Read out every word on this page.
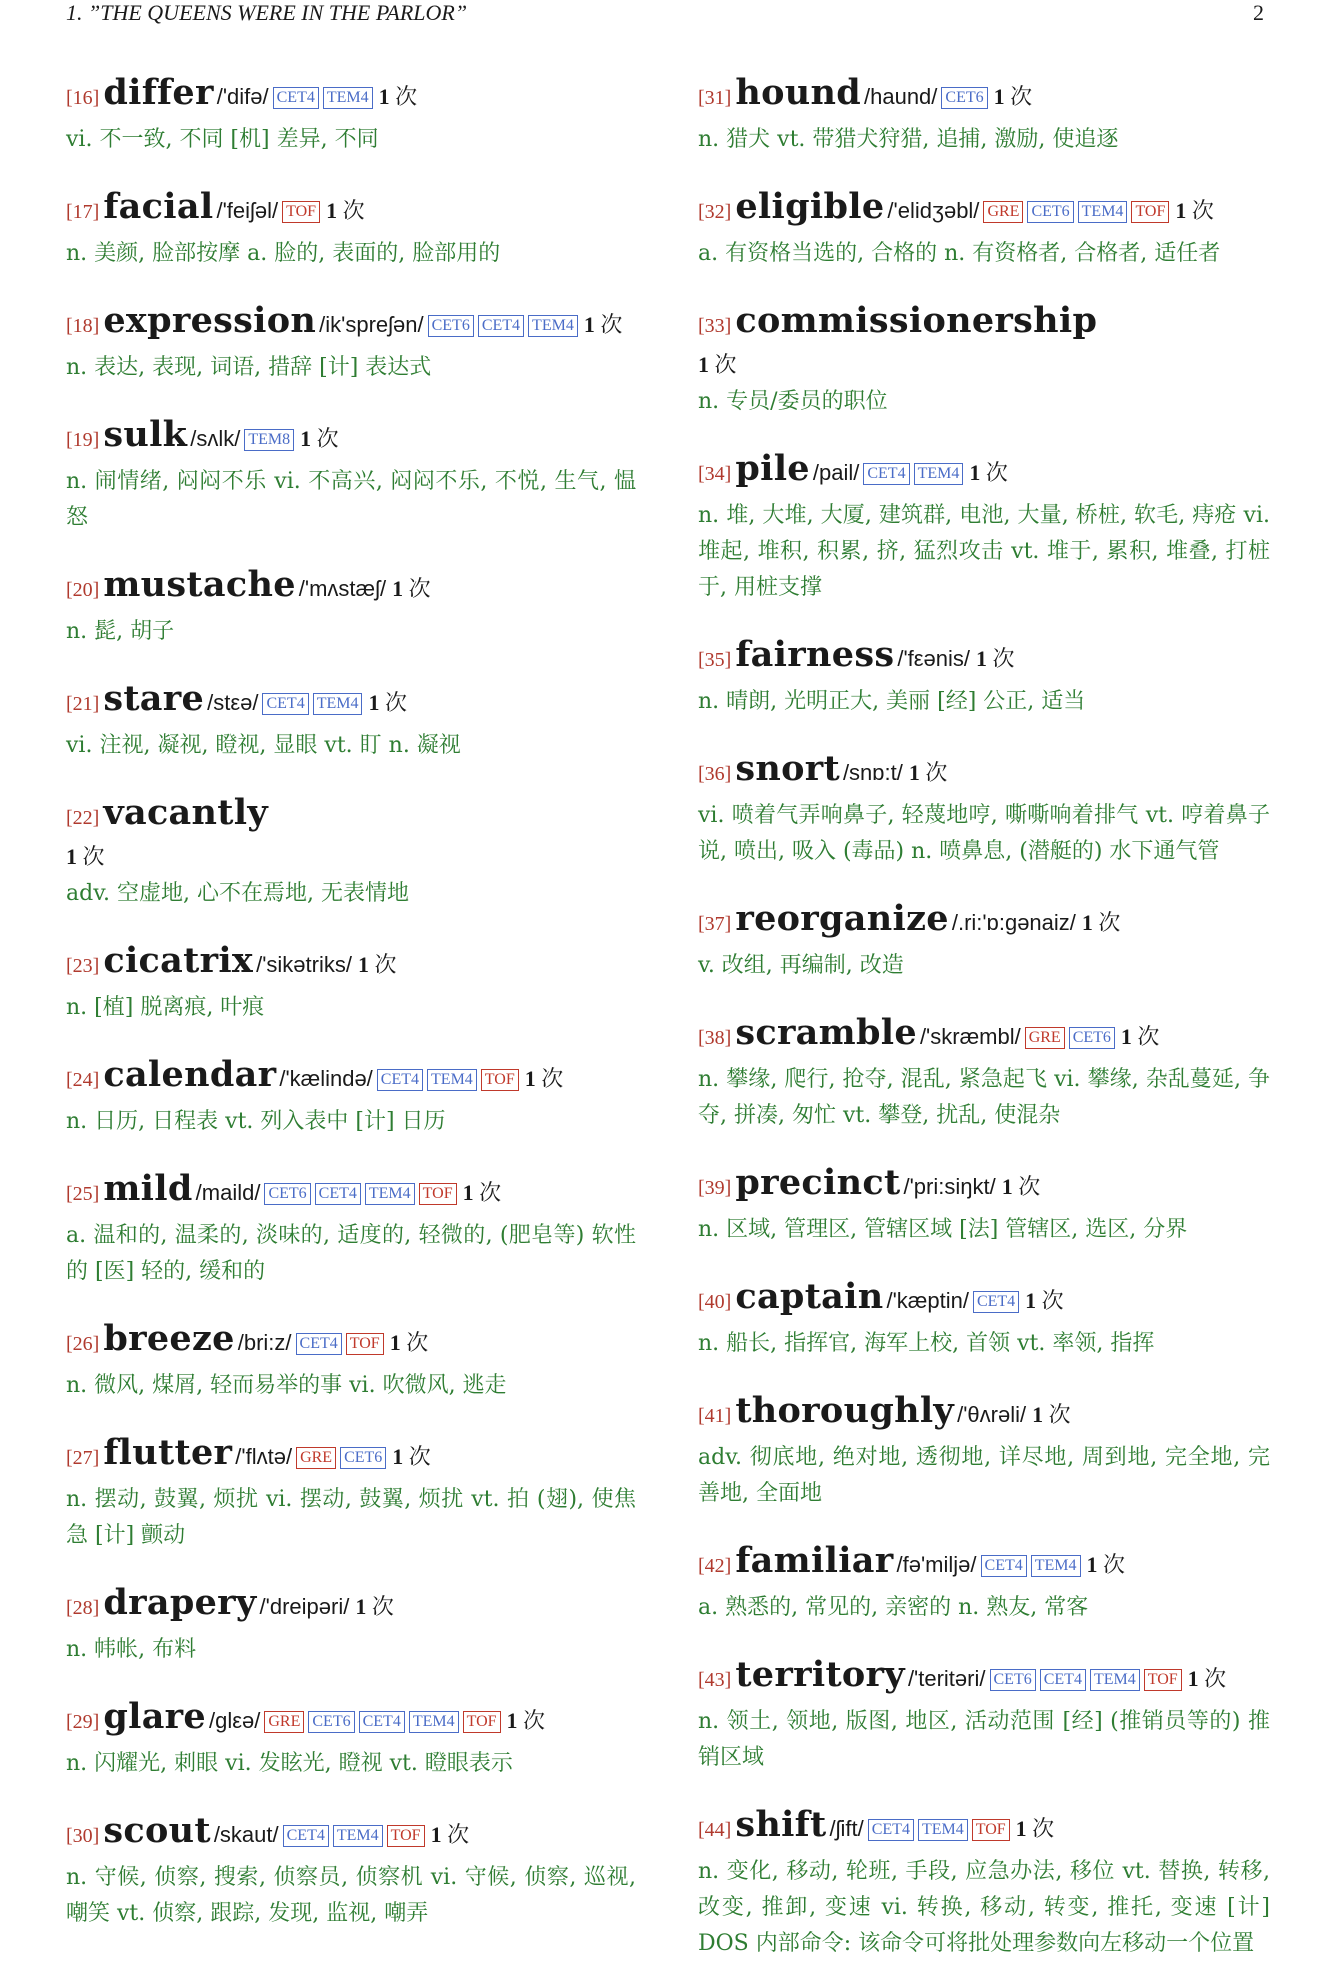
1. ”THE QUEENS WERE IN THE PARLOR”	2
[16] differ /'difə/ CET4 TEM4 1 次
vi. 不一致, 不同 [机] 差异, 不同
[17] facial /'feiʃəl/ TOF 1 次
n. 美颜, 脸部按摩 a. 脸的, 表面的, 脸部用的
[18] expression /ik'spreʃən/ CET6 CET4 TEM4 1 次
n. 表达, 表现, 词语, 措辞 [计] 表达式
[19] sulk /sʌlk/ TEM8 1 次
n. 闹情绪, 闷闷不乐 vi. 不高兴, 闷闷不乐, 不悦, 生气, 愠怒
[20] mustache /'mʌstæʃ/ 1 次
n. 髭, 胡子
[21] stare /stεə/ CET4 TEM4 1 次
vi. 注视, 凝视, 瞪视, 显眼 vt. 盯 n. 凝视
[22] vacantly
1 次
adv. 空虚地, 心不在焉地, 无表情地
[23] cicatrix /'sikətriks/ 1 次
n. [植] 脱离痕, 叶痕
[24] calendar /'kælində/ CET4 TEM4 TOF 1 次
n. 日历, 日程表 vt. 列入表中 [计] 日历
[25] mild /maild/ CET6 CET4 TEM4 TOF 1 次
a. 温和的, 温柔的, 淡味的, 适度的, 轻微的, (肥皂等) 软性的 [医] 轻的, 缓和的
[26] breeze /bri:z/ CET4 TOF 1 次
n. 微风, 煤屑, 轻而易举的事 vi. 吹微风, 逃走
[27] flutter /'flʌtə/ GRE CET6 1 次
n. 摆动, 鼓翼, 烦扰 vi. 摆动, 鼓翼, 烦扰 vt. 拍 (翅), 使焦急 [计] 颤动
[28] drapery /'dreipəri/ 1 次
n. 帏帐, 布料
[29] glare /glεə/ GRE CET6 CET4 TEM4 TOF 1 次
n. 闪耀光, 刺眼 vi. 发眩光, 瞪视 vt. 瞪眼表示
[30] scout /skaut/ CET4 TEM4 TOF 1 次
n. 守候, 侦察, 搜索, 侦察员, 侦察机 vi. 守候, 侦察, 巡视, 嘲笑 vt. 侦察, 跟踪, 发现, 监视, 嘲弄
[31] hound /haund/ CET6 1 次
n. 猎犬 vt. 带猎犬狩猎, 追捕, 激励, 使追逐
[32] eligible /'elidʒəbl/ GRE CET6 TEM4 TOF 1 次
a. 有资格当选的, 合格的 n. 有资格者, 合格者, 适任者
[33] commissionership
1 次
n. 专员/委员的职位
[34] pile /pail/ CET4 TEM4 1 次
n. 堆, 大堆, 大厦, 建筑群, 电池, 大量, 桥桩, 软毛, 痔疮 vi. 堆起, 堆积, 积累, 挤, 猛烈攻击 vt. 堆于, 累积, 堆叠, 打桩于, 用桩支撑
[35] fairness /'fεənis/ 1 次
n. 晴朗, 光明正大, 美丽 [经] 公正, 适当
[36] snort /snɒ:t/ 1 次
vi. 喷着气弄响鼻子, 轻蔑地哼, 嘶嘶响着排气 vt. 哼着鼻子说, 喷出, 吸入 (毒品) n. 喷鼻息, (潜艇的) 水下通气管
[37] reorganize /.ri:'ɒ:gənaiz/ 1 次
v. 改组, 再编制, 改造
[38] scramble /'skræmbl/ GRE CET6 1 次
n. 攀缘, 爬行, 抢夺, 混乱, 紧急起飞 vi. 攀缘, 杂乱蔓延, 争夺, 拼凑, 匆忙 vt. 攀登, 扰乱, 使混杂
[39] precinct /'pri:siŋkt/ 1 次
n. 区域, 管理区, 管辖区域 [法] 管辖区, 选区, 分界
[40] captain /'kæptin/ CET4 1 次
n. 船长, 指挥官, 海军上校, 首领 vt. 率领, 指挥
[41] thoroughly /'θʌrəli/ 1 次
adv. 彻底地, 绝对地, 透彻地, 详尽地, 周到地, 完全地, 完善地, 全面地
[42] familiar /fə'miljə/ CET4 TEM4 1 次
a. 熟悉的, 常见的, 亲密的 n. 熟友, 常客
[43] territory /'teritəri/ CET6 CET4 TEM4 TOF 1 次
n. 领土, 领地, 版图, 地区, 活动范围 [经] (推销员等的) 推销区域
[44] shift /ʃift/ CET4 TEM4 TOF 1 次
n. 变化, 移动, 轮班, 手段, 应急办法, 移位 vt. 替换, 转移, 改变, 推卸, 变速 vi. 转换, 移动, 转变, 推托, 变速 [计] DOS 内部命令: 该命令可将批处理参数向左移动一个位置
